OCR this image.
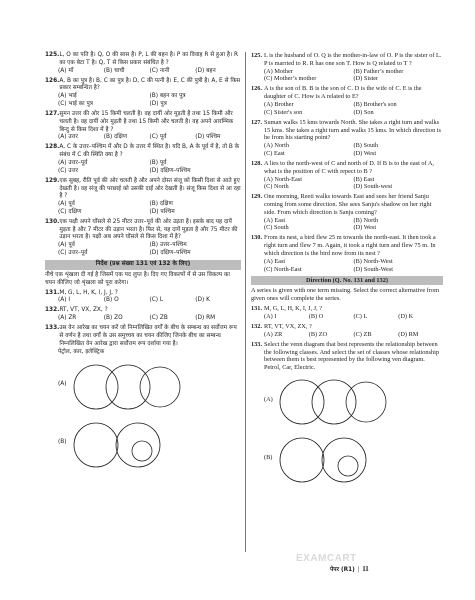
125. L, O का पति है। Q, O की सास है। P, L की बहन है। P का विवाह R से हुआ है। R का एक बेटा T है। Q, T से किस प्रकार संबंधित है ?
(A) माँ	(B) चाची	(C) नानी	(D) बहन
126. A, B का पुत्र है। B, C का पुत्र है। D, C की पत्नी है। E, C की पुत्री है। A, E से किस प्रकार सम्बन्धित है?
(A) भाई	(B) बहन का पुत्र
(C) भाई का पुत्र	(D) पुत्र
127. सुमन उत्तर की ओर 15 किमी चलती है। वह दायीं ओर मुड़ती है तथा 15 किमी और चलती है। वह दायीं ओर मुड़ती है तथा 15 किमी और चलती है। वह अपने आरम्भिक बिन्दु से किस दिशा में है ?
(A) उत्तर	(B) दक्षिण	(C) पूर्व	(D) पश्चिम
128. A, C के उत्तर–पश्चिम में और D के उत्तर में स्थित है। यदि B, A के पूर्व में है, तो B के संबंध में C की स्थिति क्या है ?
(A) उत्तर–पूर्व	(B) पूर्व
(C) उत्तर	(D) दक्षिण–पश्चिम
129. एक सुबह, रीति पूर्व की ओर चलती है और अपने दोस्त संजू को किसी दिशा से आते हुए देखती है। वह संजू की परछाई को उसकी दाईं ओर देखती है। संजू किस दिशा से आ रहा है ?
(A) पूर्व	(B) दक्षिण
(C) दक्षिण	(D) पश्चिम
130. एक पक्षी अपने घोंसले से 25 मीटर उत्तर–पूर्व की ओर उड़ता है। इसके बाद यह दायें मुड़ता है और 7 मीटर की उड़ान भरता है। फिर से, यह दायें मुड़ता है और 75 मीटर की उड़ान भरता है। पक्षी अब अपने घोंसले से किस दिशा में है?
(A) पूर्व	(B) उत्तर–पश्चिम
(C) उत्तर–पूर्व	(D) दक्षिण–पश्चिम
निर्देश (प्रश्न संख्या 131 एवं 132 के लिए)
नीचे एक शृंखला दी गई है जिसमें एक पद लुप्त है। दिए गए विकल्पों में से उस विकल्प का चयन कीजिए जो शृंखला को पूरा करेगा।
131. M, G, L, H, K, I, J, J, ?
(A) I	(B) O	(C) L	(D) K
132. RT, VT, VX, ZX, ?
(A) ZR	(B) ZO	(C) ZB	(D) RM
133. उस वेन आरेख का चयन करें जो निम्नलिखित वर्गों के बीच के सम्बन्ध का सर्वोत्तम रूप से वर्णन है तथा वर्गों के उस समुच्चय का चयन कीजिए जिनके बीच का सम्बन्ध निम्नलिखित वेन आरेख द्वारा सर्वोत्तम रूप दर्शाया गया है।
पेट्रोल, कार, इलेक्ट्रिक
(A)
(B)
125. L is the husband of O. Q is the mother-in-law of O. P is the sister of L. P is married to R. R has one son T. How is Q related to T ?
(A) Mother	(B) Father’s mother
(C) Mother’s mother	(D) Sister
126. A is the son of B. B is the son of C. D is the wife of C. E is the daughter of C. How is A related to E?
(A) Brother	(B) Brother's son
(C) Sister's son	(D) Son
127. Suman walks 15 kms towards North. She takes a right turn and walks 15 kms. She takes a right turn and walks 15 kms. In which direction is he from his starting point?
(A) North	(B) South
(C) East	(D) West
128. A lies to the north-west of C and north of D. If B is to the east of A, what is the position of C with repect to B ?
(A) North-East	(B) East
(C) North	(D) South-west
129. One morning, Reeti walks towards East and sees her friend Sanju coming from some direction. She sees Sanju's shadow on her right side. From which direction is Sanju coming?
(A) East	(B) North
(C) South	(D) West
130. From its nest, a bird flew 25 m towards the north-east. It then took a right turn and flew 7 m. Again, it took a right turn and flew 75 m. In which direction is the bird now from its nest ?
(A) East	(B) North-West
(C) North-East	(D) South-West
Direction (Q. No. 131 and 132)
A series is given with one term missing. Select the correct alternative from given ones will complete the series.
131. M, G, L, H, K, I, J, J, ?
(A) I	(B) O	(C) L	(D) K
132. RT, VT, VX, ZX, ?
(A) ZR	(B) ZO	(C) ZB	(D) RM
133. Select the venn diagram that best represents the relationship between the following classes. And select the set of classes whose relationship between them is best represented by the following ven diagram.
Petrol, Car, Electric.
(A)
(B)
EXAMCART
पेपर (R1) | 11
